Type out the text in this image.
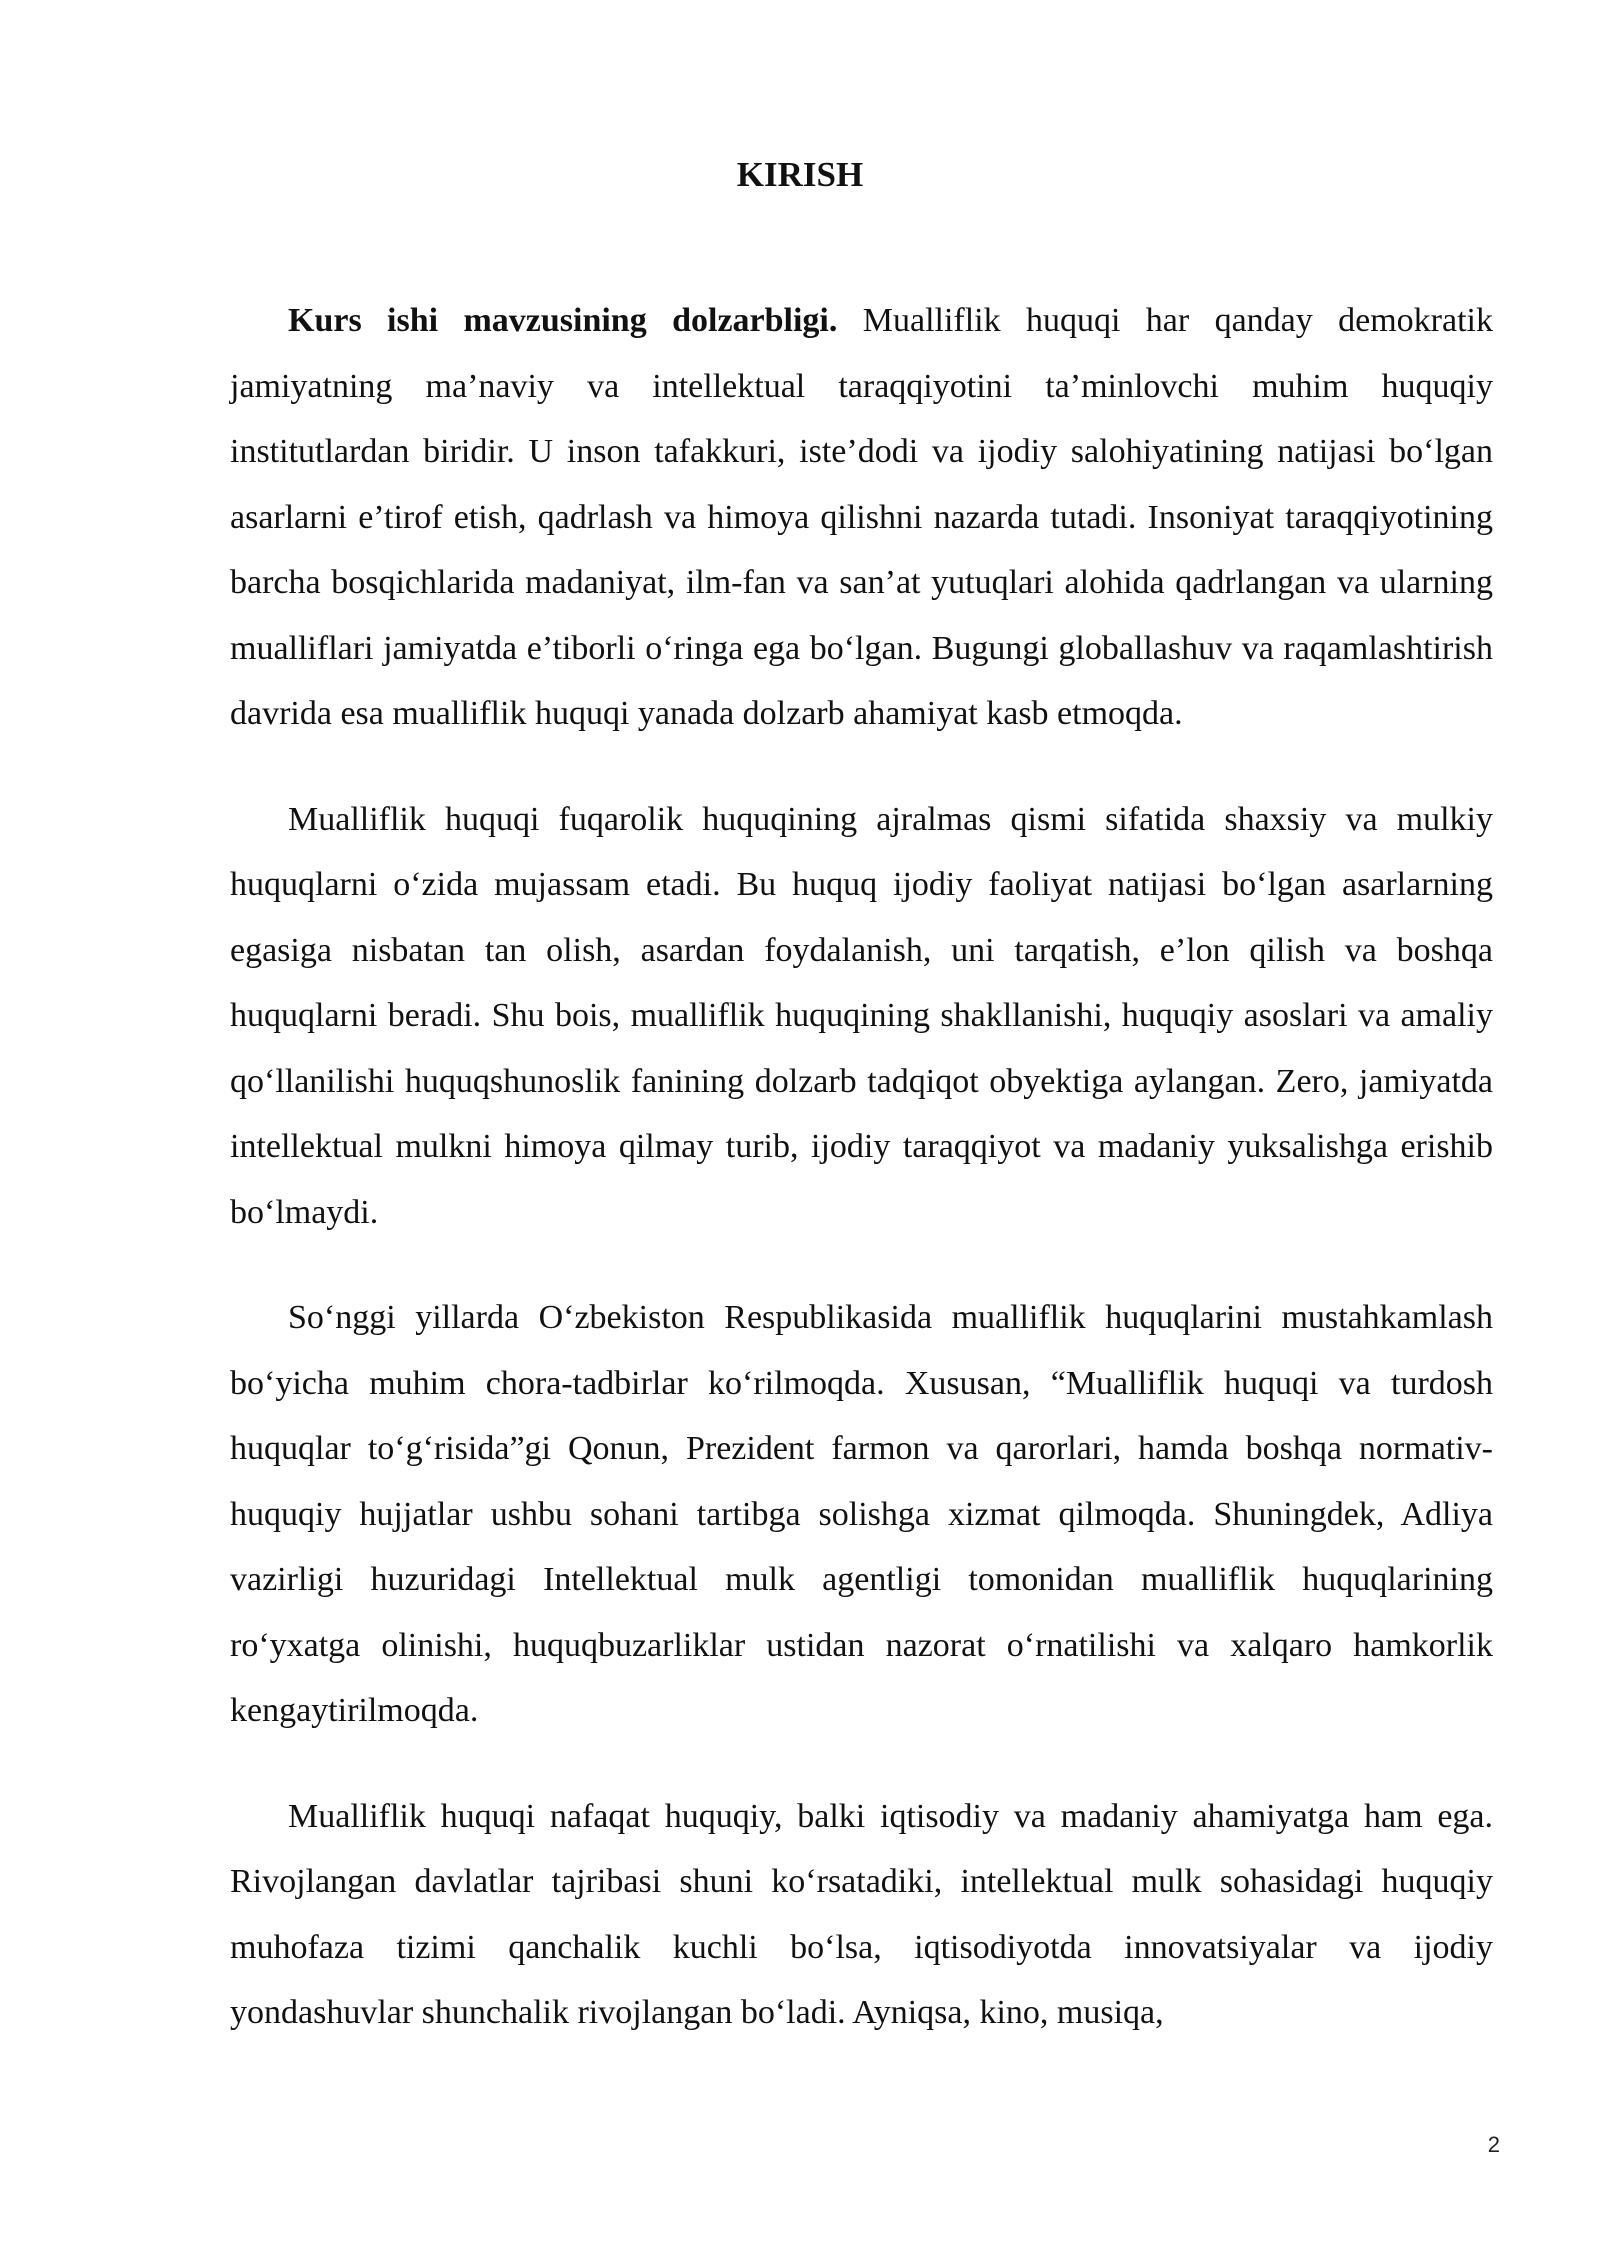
KIRISH

Kurs ishi mavzusining dolzarbligi. Mualliflik huquqi har qanday demokratik jamiyatning ma’naviy va intellektual taraqqiyotini ta’minlovchi muhim huquqiy institutlardan biridir. U inson tafakkuri, iste’dodi va ijodiy salohiyatining natijasi bo‘lgan asarlarni e’tirof etish, qadrlash va himoya qilishni nazarda tutadi. Insoniyat taraqqiyotining barcha bosqichlarida madaniyat, ilm-fan va san’at yutuqlari alohida qadrlangan va ularning mualliflari jamiyatda e’tiborli o‘ringa ega bo‘lgan. Bugungi globallashuv va raqamlashtirish davrida esa mualliflik huquqi yanada dolzarb ahamiyat kasb etmoqda.

Mualliflik huquqi fuqarolik huquqining ajralmas qismi sifatida shaxsiy va mulkiy huquqlarni o‘zida mujassam etadi. Bu huquq ijodiy faoliyat natijasi bo‘lgan asarlarning egasiga nisbatan tan olish, asardan foydalanish, uni tarqatish, e’lon qilish va boshqa huquqlarni beradi. Shu bois, mualliflik huquqining shakllanishi, huquqiy asoslari va amaliy qo‘llanilishi huquqshunoslik fanining dolzarb tadqiqot obyektiga aylangan. Zero, jamiyatda intellektual mulkni himoya qilmay turib, ijodiy taraqqiyot va madaniy yuksalishga erishib bo‘lmaydi.

So‘nggi yillarda O‘zbekiston Respublikasida mualliflik huquqlarini mustahkamlash bo‘yicha muhim chora-tadbirlar ko‘rilmoqda. Xususan, “Mualliflik huquqi va turdosh huquqlar to‘g‘risida”gi Qonun, Prezident farmon va qarorlari, hamda boshqa normativ-huquqiy hujjatlar ushbu sohani tartibga solishga xizmat qilmoqda. Shuningdek, Adliya vazirligi huzuridagi Intellektual mulk agentligi tomonidan mualliflik huquqlarining ro‘yxatga olinishi, huquqbuzarliklar ustidan nazorat o‘rnatilishi va xalqaro hamkorlik kengaytirilmoqda.

Mualliflik huquqi nafaqat huquqiy, balki iqtisodiy va madaniy ahamiyatga ham ega. Rivojlangan davlatlar tajribasi shuni ko‘rsatadiki, intellektual mulk sohasidagi huquqiy muhofaza tizimi qanchalik kuchli bo‘lsa, iqtisodiyotda innovatsiyalar va ijodiy yondashuvlar shunchalik rivojlangan bo‘ladi. Ayniqsa, kino, musiqa,

2
